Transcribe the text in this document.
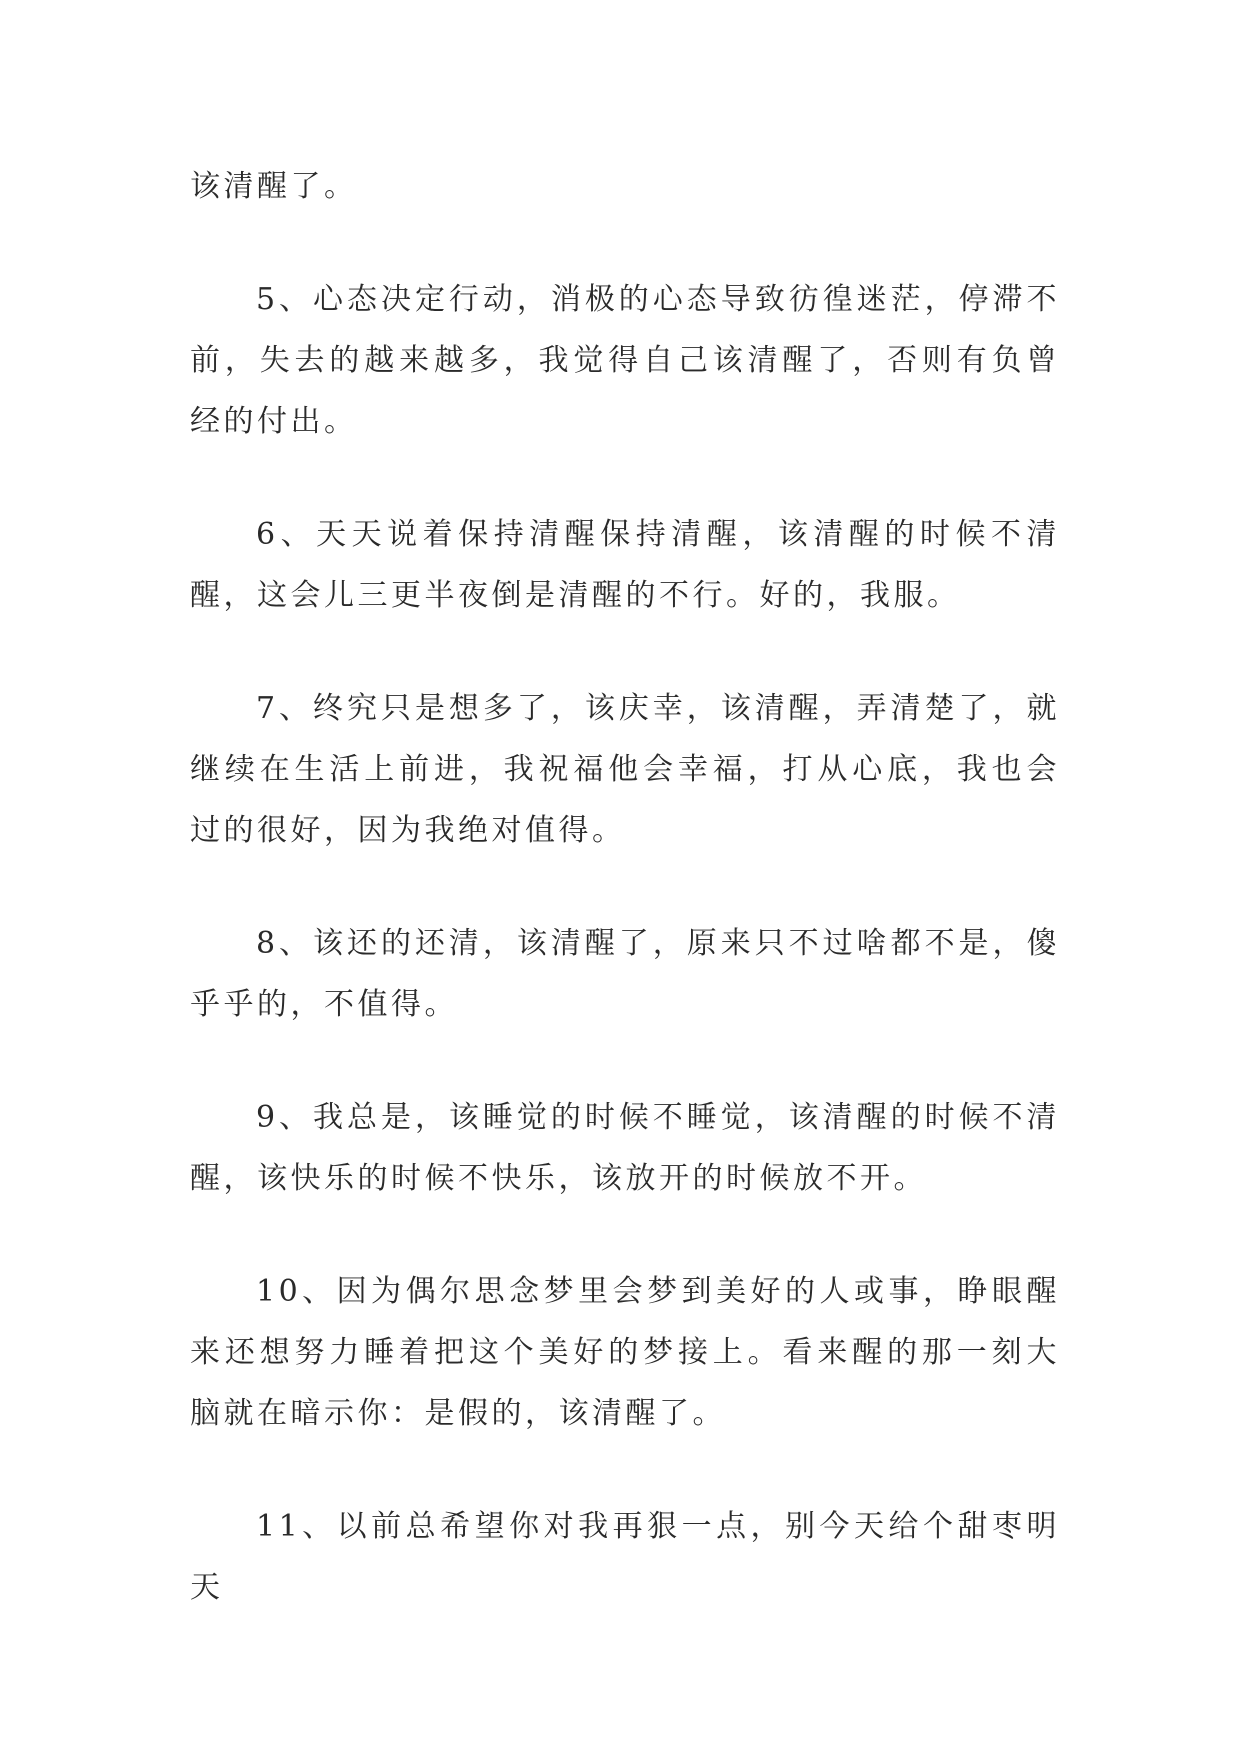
该清醒了。

5、心态决定行动，消极的心态导致彷徨迷茫，停滞不前，失去的越来越多，我觉得自己该清醒了，否则有负曾经的付出。

6、天天说着保持清醒保持清醒，该清醒的时候不清醒，这会儿三更半夜倒是清醒的不行。好的，我服。

7、终究只是想多了，该庆幸，该清醒，弄清楚了，就继续在生活上前进，我祝福他会幸福，打从心底，我也会过的很好，因为我绝对值得。

8、该还的还清，该清醒了，原来只不过啥都不是，傻乎乎的，不值得。

9、我总是，该睡觉的时候不睡觉，该清醒的时候不清醒，该快乐的时候不快乐，该放开的时候放不开。

10、因为偶尔思念梦里会梦到美好的人或事，睁眼醒来还想努力睡着把这个美好的梦接上。看来醒的那一刻大脑就在暗示你：是假的，该清醒了。

11、以前总希望你对我再狠一点，别今天给个甜枣明天
